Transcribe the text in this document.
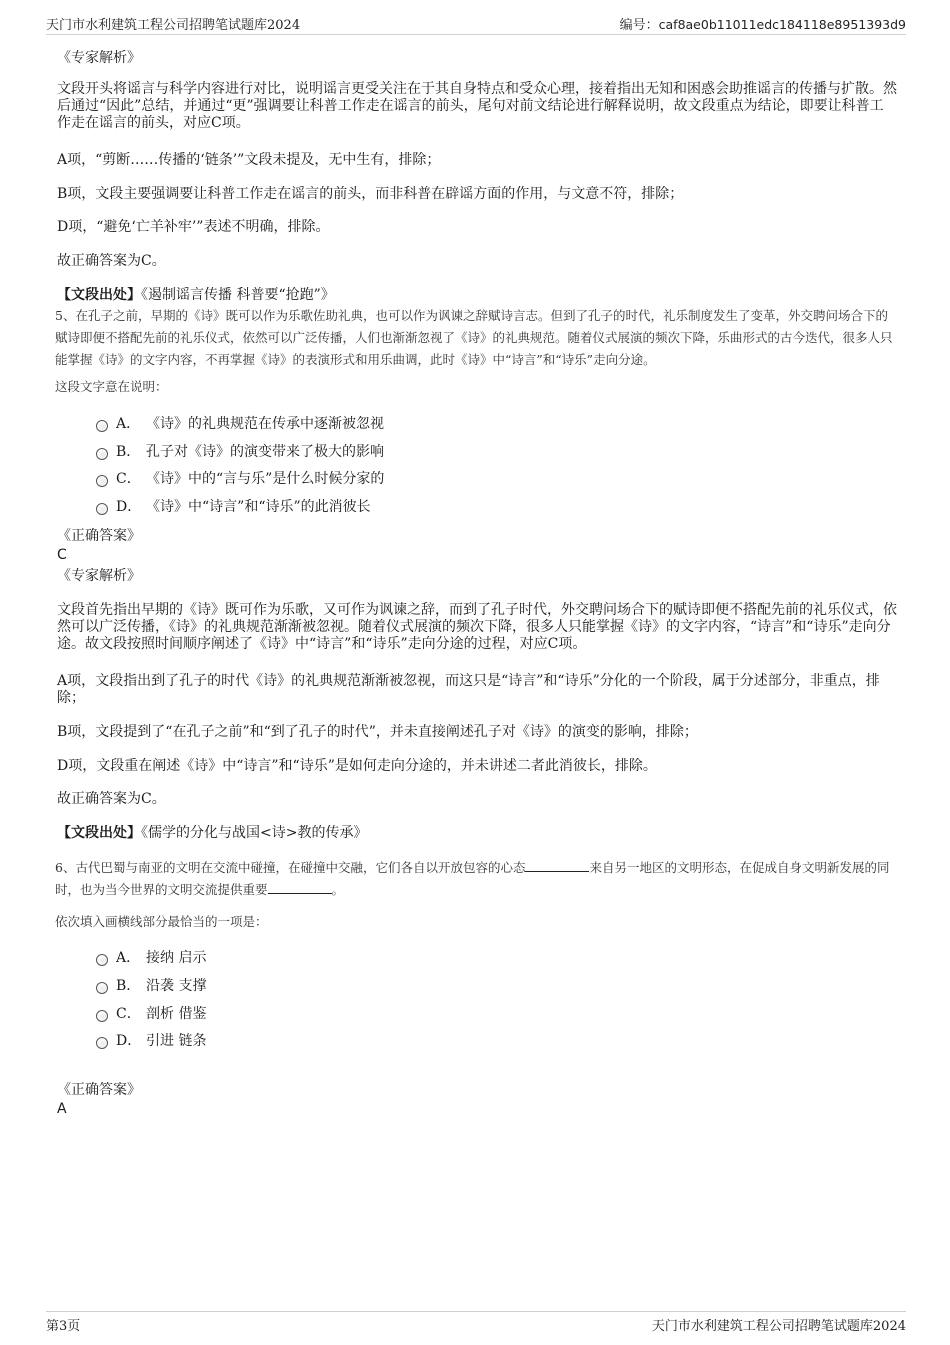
天门市水利建筑工程公司招聘笔试题库2024	编号：caf8ae0b11011edc184118e8951393d9
《专家解析》
文段开头将谣言与科学内容进行对比，说明谣言更受关注在于其自身特点和受众心理，接着指出无知和困惑会助推谣言的传播与扩散。然后通过“因此”总结，并通过“更”强调要让科普工作走在谣言的前头，尾句对前文结论进行解释说明，故文段重点为结论，即要让科普工作走在谣言的前头，对应C项。
A项，“剪断……传播的‘链条’”文段未提及，无中生有，排除；
B项，文段主要强调要让科普工作走在谣言的前头，而非科普在辟谣方面的作用，与文意不符，排除；
D项，“避免‘亡羊补牢’”表述不明确，排除。
故正确答案为C。
【文段出处】《遏制谣言传播 科普要“抢跑”》
5、在孔子之前，早期的《诗》既可以作为乐歌佐助礼典，也可以作为讽谏之辞赋诗言志。但到了孔子的时代，礼乐制度发生了变革，外交聘问场合下的赋诗即便不搭配先前的礼乐仪式，依然可以广泛传播，人们也渐渐忽视了《诗》的礼典规范。随着仪式展演的频次下降，乐曲形式的古今迭代，很多人只能掌握《诗》的文字内容，不再掌握《诗》的表演形式和用乐曲调，此时《诗》中“诗言”和“诗乐”走向分途。
这段文字意在说明：
A． 《诗》的礼典规范在传承中逐渐被忽视
B． 孔子对《诗》的演变带来了极大的影响
C． 《诗》中的“言与乐”是什么时候分家的
D． 《诗》中“诗言”和“诗乐”的此消彼长
《正确答案》
C
《专家解析》
文段首先指出早期的《诗》既可作为乐歌，又可作为讽谏之辞，而到了孔子时代，外交聘问场合下的赋诗即便不搭配先前的礼乐仪式，依然可以广泛传播，《诗》的礼典规范渐渐被忽视。随着仪式展演的频次下降，很多人只能掌握《诗》的文字内容，“诗言”和“诗乐”走向分途。故文段按照时间顺序阐述了《诗》中“诗言”和“诗乐”走向分途的过程，对应C项。
A项，文段指出到了孔子的时代《诗》的礼典规范渐渐被忽视，而这只是“诗言”和“诗乐”分化的一个阶段，属于分述部分，非重点，排除；
B项，文段提到了“在孔子之前”和“到了孔子的时代”，并未直接阐述孔子对《诗》的演变的影响，排除；
D项，文段重在阐述《诗》中“诗言”和“诗乐”是如何走向分途的，并未讲述二者此消彼长，排除。
故正确答案为C。
【文段出处】《儒学的分化与战国<诗>教的传承》
6、古代巴蜀与南亚的文明在交流中碰撞，在碰撞中交融，它们各自以开放包容的心态	来自另一地区的文明形态，在促成自身文明新发展的同时，也为当今世界的文明交流提供重要	。
依次填入画横线部分最恰当的一项是：
A． 接纳 启示
B． 沿袭 支撑
C． 剖析 借鉴
D． 引进 链条
《正确答案》
A
第3页	天门市水利建筑工程公司招聘笔试题库2024
